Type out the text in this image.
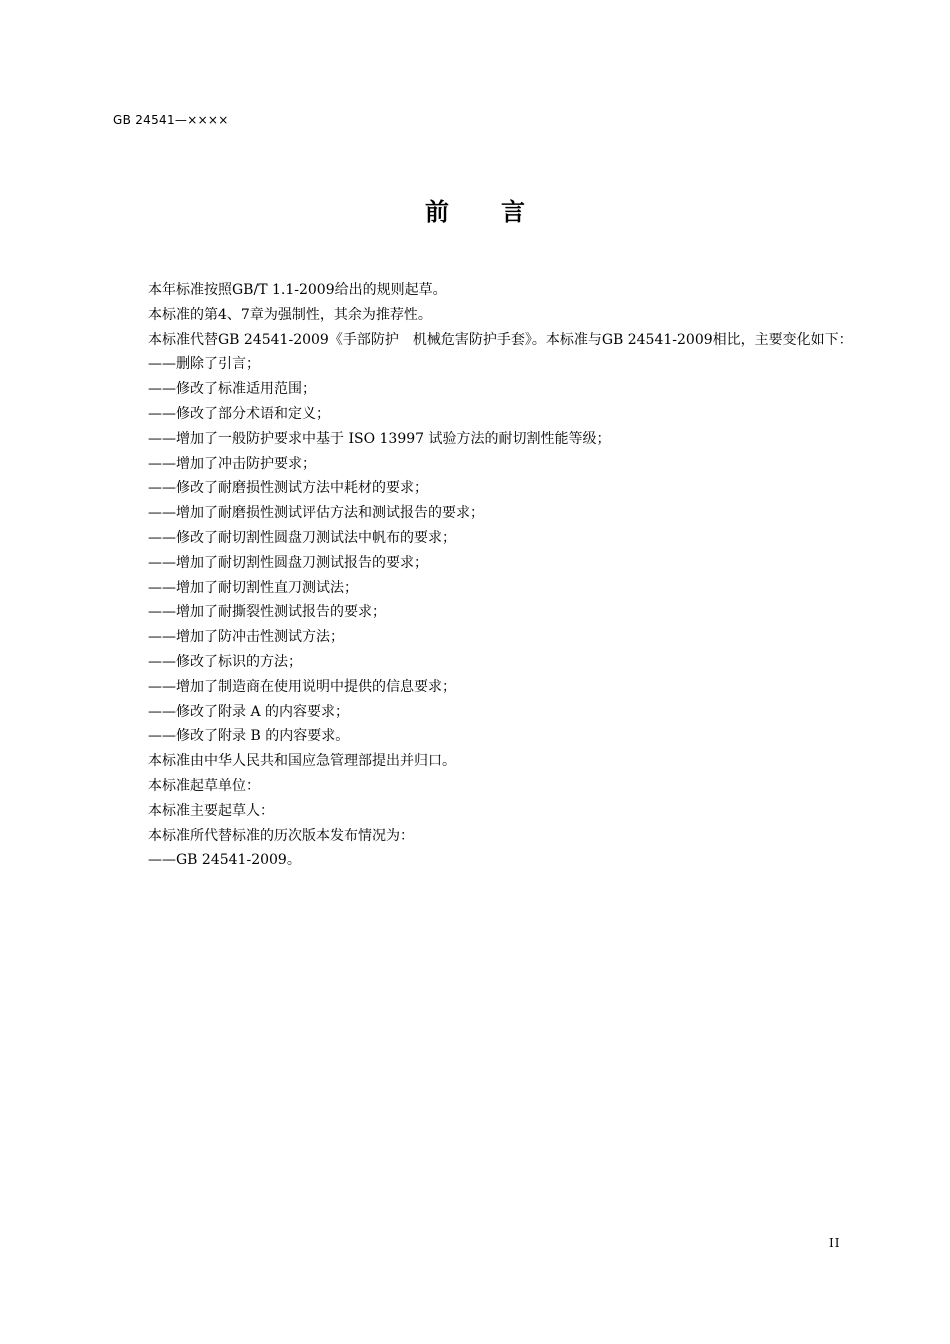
GB 24541—××××
前 言

本年标准按照GB/T 1.1-2009给出的规则起草。

本标准的第4、7章为强制性，其余为推荐性。

本标准代替GB 24541-2009《手部防护　机械危害防护手套》。本标准与GB 24541-2009相比，主要变化如下：

——删除了引言；

——修改了标准适用范围；

——修改了部分术语和定义；

——增加了一般防护要求中基于 ISO 13997 试验方法的耐切割性能等级；

——增加了冲击防护要求；

——修改了耐磨损性测试方法中耗材的要求；

——增加了耐磨损性测试评估方法和测试报告的要求；

——修改了耐切割性圆盘刀测试法中帆布的要求；

——增加了耐切割性圆盘刀测试报告的要求；

——增加了耐切割性直刀测试法；

——增加了耐撕裂性测试报告的要求；

——增加了防冲击性测试方法；

——修改了标识的方法；

——增加了制造商在使用说明中提供的信息要求；

——修改了附录 A 的内容要求；

——修改了附录 B 的内容要求。

本标准由中华人民共和国应急管理部提出并归口。

本标准起草单位：

本标准主要起草人：

本标准所代替标准的历次版本发布情况为：

——GB 24541-2009。

II
